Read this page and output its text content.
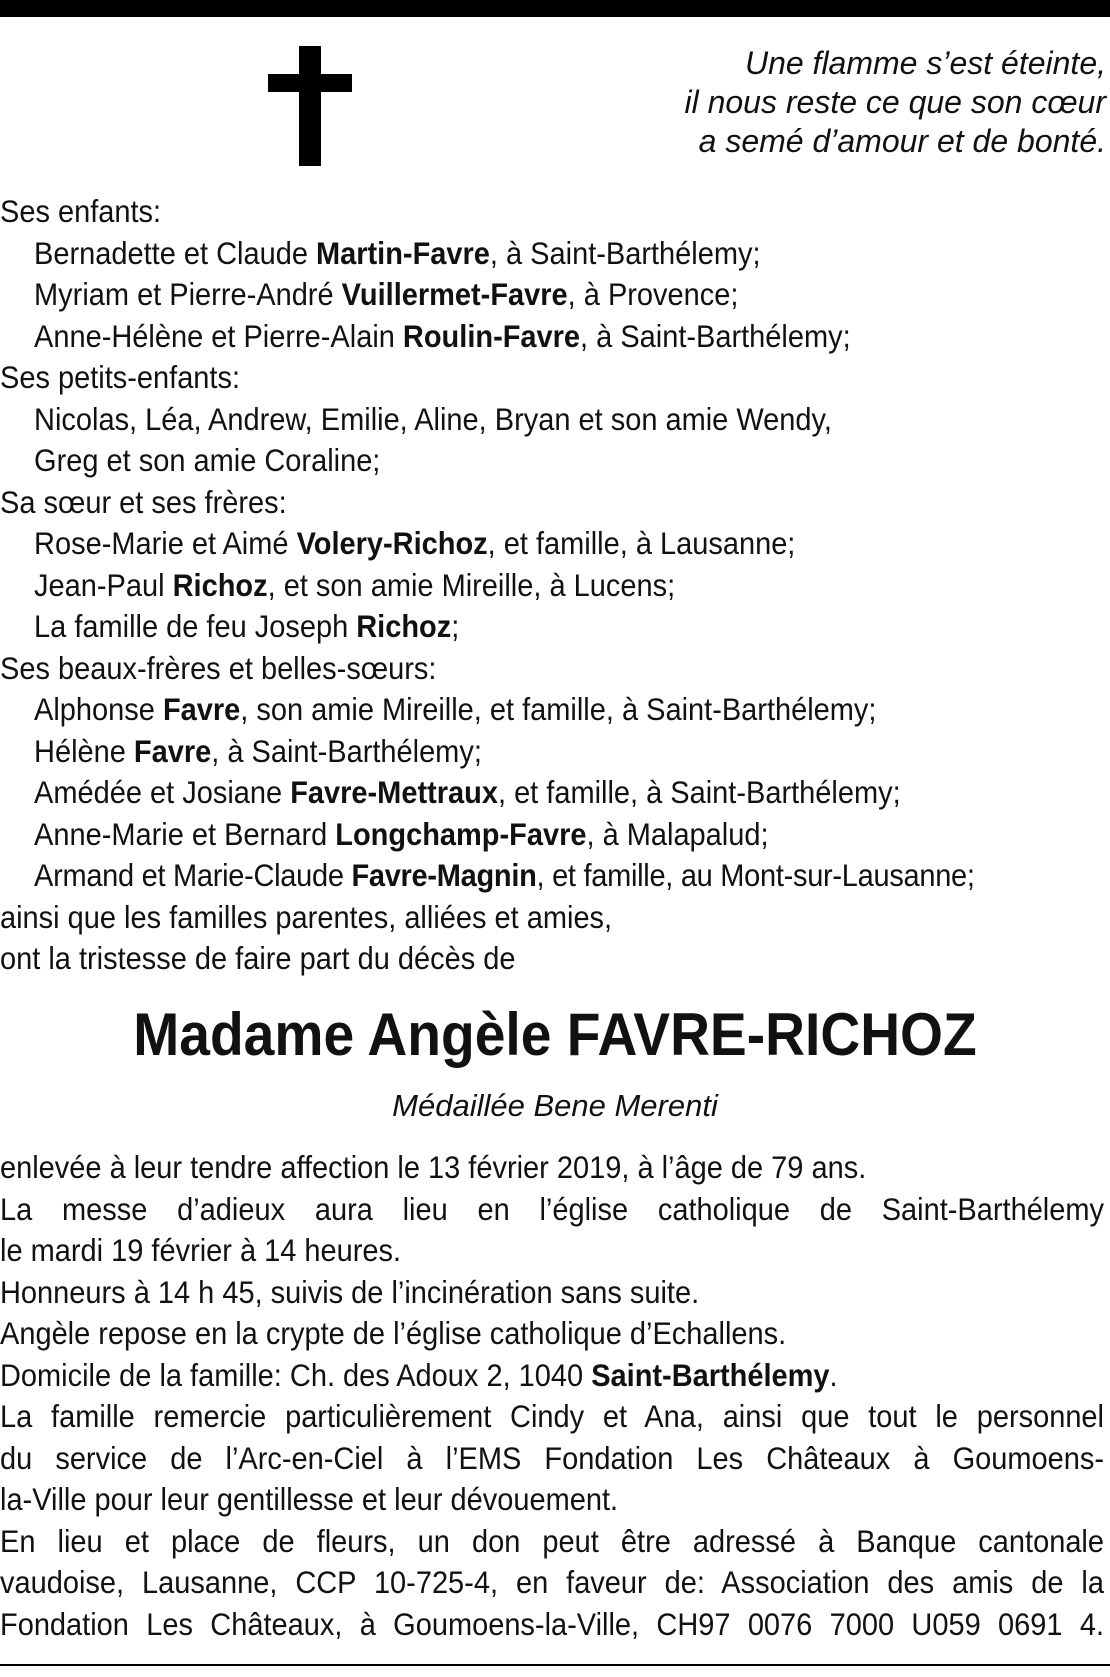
Une flamme s’est éteinte,
il nous reste ce que son cœur
a semé d’amour et de bonté.
Ses enfants:
Bernadette et Claude Martin-Favre, à Saint-Barthélemy;
Myriam et Pierre-André Vuillermet-Favre, à Provence;
Anne-Hélène et Pierre-Alain Roulin-Favre, à Saint-Barthélemy;
Ses petits-enfants:
Nicolas, Léa, Andrew, Emilie, Aline, Bryan et son amie Wendy,
Greg et son amie Coraline;
Sa sœur et ses frères:
Rose-Marie et Aimé Volery-Richoz, et famille, à Lausanne;
Jean-Paul Richoz, et son amie Mireille, à Lucens;
La famille de feu Joseph Richoz;
Ses beaux-frères et belles-sœurs:
Alphonse Favre, son amie Mireille, et famille, à Saint-Barthélemy;
Hélène Favre, à Saint-Barthélemy;
Amédée et Josiane Favre-Mettraux, et famille, à Saint-Barthélemy;
Anne-Marie et Bernard Longchamp-Favre, à Malapalud;
Armand et Marie-Claude Favre-Magnin, et famille, au Mont-sur-Lausanne;
ainsi que les familles parentes, alliées et amies,
ont la tristesse de faire part du décès de
Madame Angèle FAVRE-RICHOZ
Médaillée Bene Merenti
enlevée à leur tendre affection le 13 février 2019, à l’âge de 79 ans.
La messe d’adieux aura lieu en l’église catholique de Saint-Barthélemy
le mardi 19 février à 14 heures.
Honneurs à 14 h 45, suivis de l’incinération sans suite.
Angèle repose en la crypte de l’église catholique d’Echallens.
Domicile de la famille: Ch. des Adoux 2, 1040 Saint-Barthélemy.
La famille remercie particulièrement Cindy et Ana, ainsi que tout le personnel
du service de l’Arc-en-Ciel à l’EMS Fondation Les Châteaux à Goumoens-
la-Ville pour leur gentillesse et leur dévouement.
En lieu et place de fleurs, un don peut être adressé à Banque cantonale
vaudoise, Lausanne, CCP 10-725-4, en faveur de: Association des amis de la
Fondation Les Châteaux, à Goumoens-la-Ville, CH97 0076 7000 U059 0691 4.
